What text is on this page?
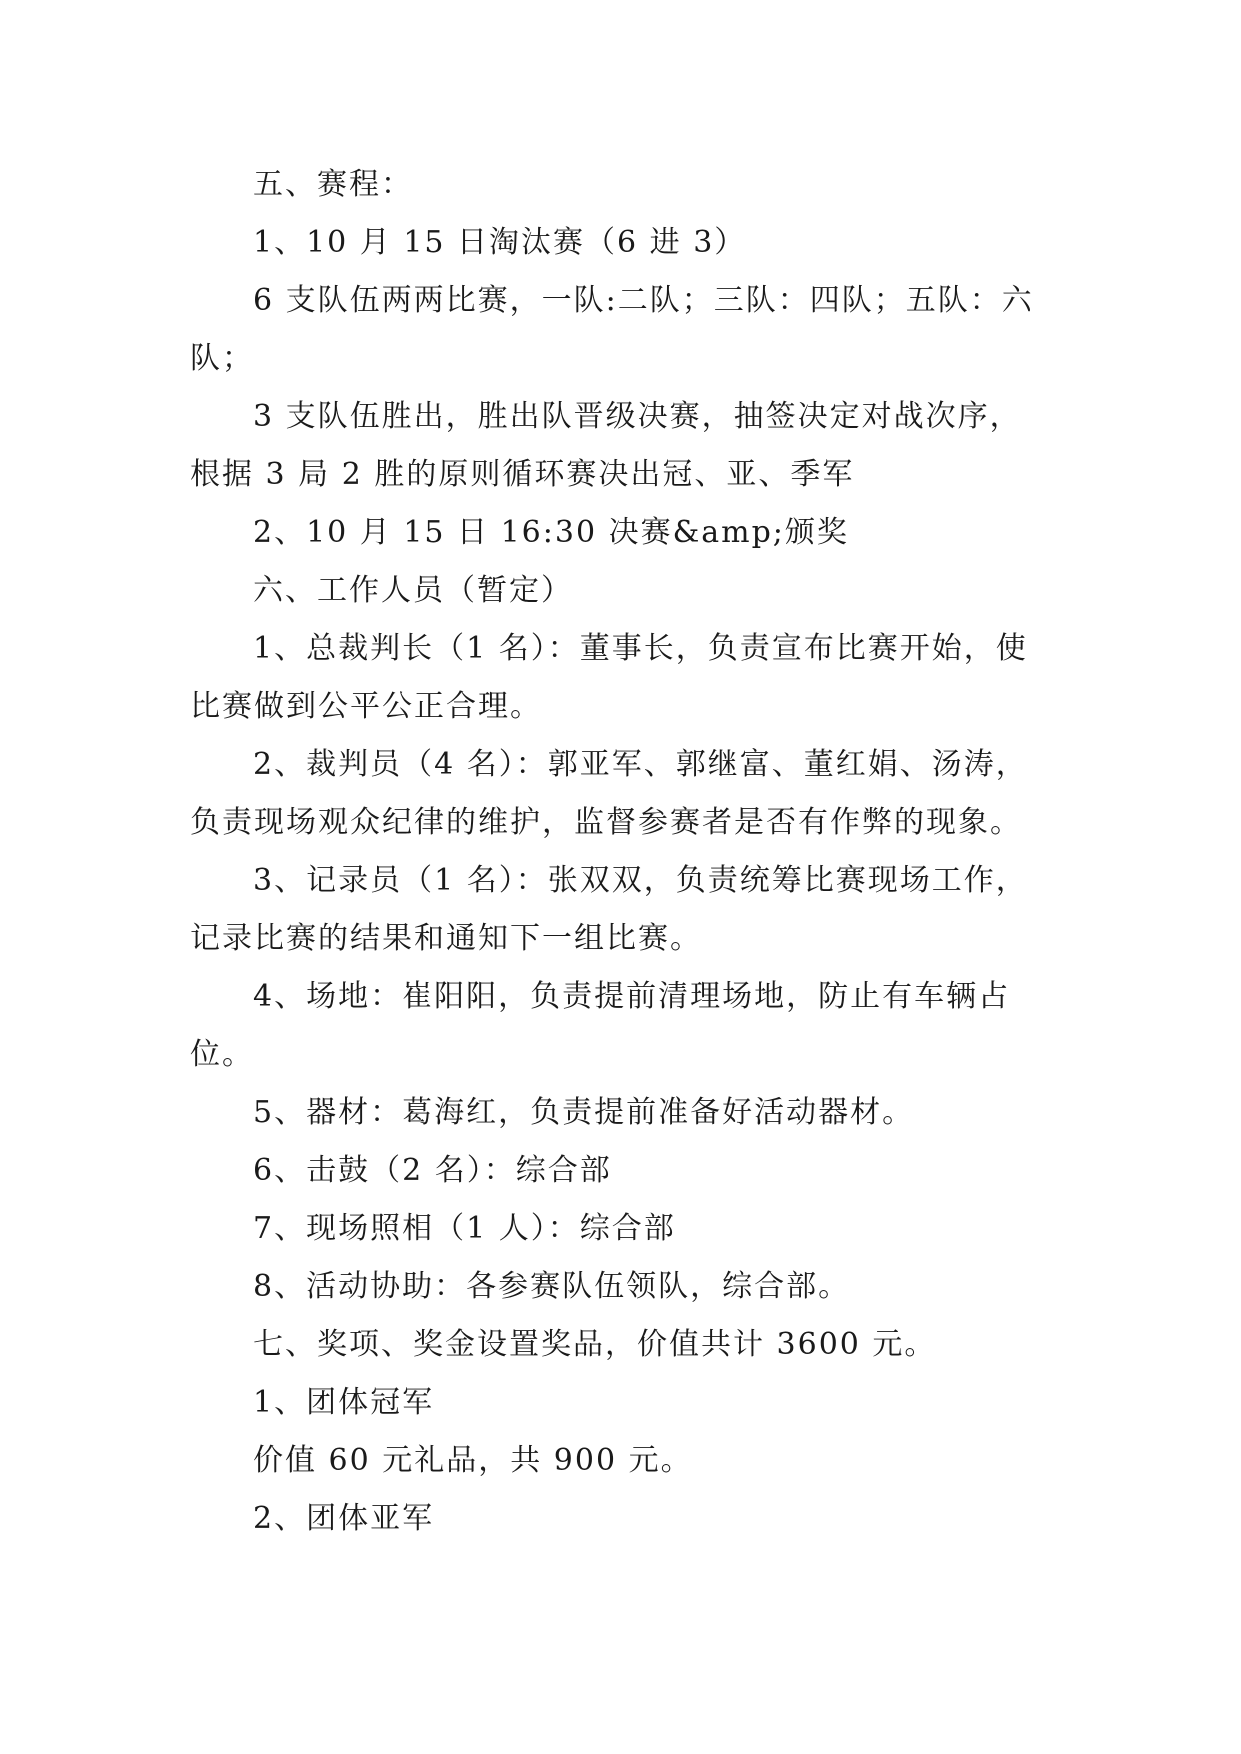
五、赛程：

1、10 月 15 日淘汰赛（6 进 3）

6 支队伍两两比赛，一队:二队；三队：四队；五队：六

队；

3 支队伍胜出，胜出队晋级决赛，抽签决定对战次序，

根据 3 局 2 胜的原则循环赛决出冠、亚、季军

2、10 月 15 日 16:30 决赛&amp;颁奖

六、工作人员（暂定）

1、总裁判长（1 名）：董事长，负责宣布比赛开始，使

比赛做到公平公正合理。

2、裁判员（4 名）：郭亚军、郭继富、董红娟、汤涛，

负责现场观众纪律的维护，监督参赛者是否有作弊的现象。

3、记录员（1 名）：张双双，负责统筹比赛现场工作，

记录比赛的结果和通知下一组比赛。

4、场地：崔阳阳，负责提前清理场地，防止有车辆占

位。

5、器材：葛海红，负责提前准备好活动器材。

6、击鼓（2 名）：综合部

7、现场照相（1 人）：综合部

8、活动协助：各参赛队伍领队，综合部。

七、奖项、奖金设置奖品，价值共计 3600 元。

1、团体冠军

价值 60 元礼品，共 900 元。

2、团体亚军
